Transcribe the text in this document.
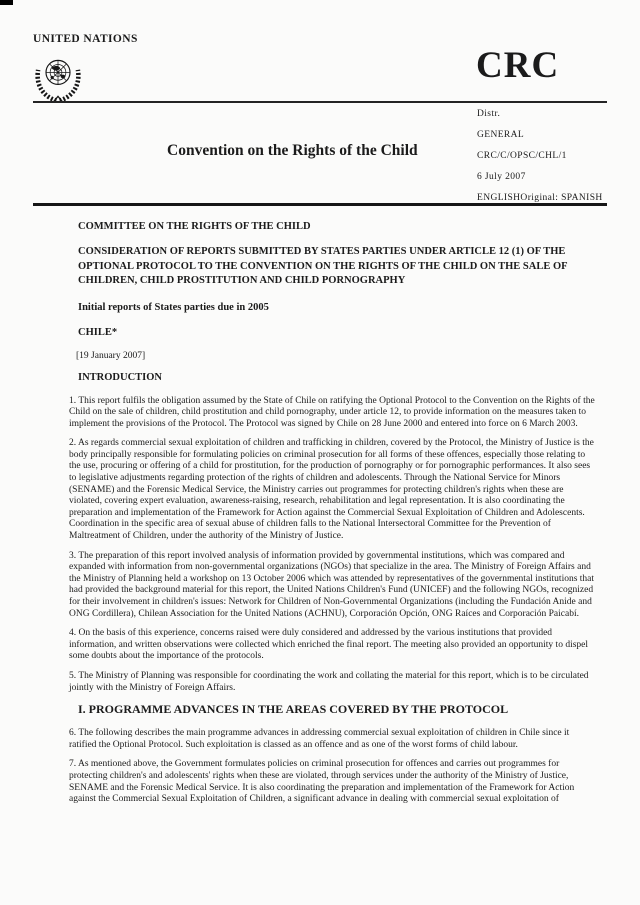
UNITED NATIONS
CRC
Distr.
GENERAL
CRC/C/OPSC/CHL/1
6 July 2007
ENGLISHOriginal: SPANISH
Convention on the Rights of the Child
COMMITTEE ON THE RIGHTS OF THE CHILD
CONSIDERATION OF REPORTS SUBMITTED BY STATES PARTIES UNDER ARTICLE 12 (1) OF THE OPTIONAL PROTOCOL TO THE CONVENTION ON THE RIGHTS OF THE CHILD ON THE SALE OF CHILDREN, CHILD PROSTITUTION AND CHILD PORNOGRAPHY
Initial reports of States parties due in 2005
CHILE*
[19 January 2007]
INTRODUCTION

1. This report fulfils the obligation assumed by the State of Chile on ratifying the Optional Protocol to the Convention on the Rights of the Child on the sale of children, child prostitution and child pornography, under article 12, to provide information on the measures taken to implement the provisions of the Protocol. The Protocol was signed by Chile on 28 June 2000 and entered into force on 6 March 2003.

2. As regards commercial sexual exploitation of children and trafficking in children, covered by the Protocol, the Ministry of Justice is the body principally responsible for formulating policies on criminal prosecution for all forms of these offences, especially those relating to the use, procuring or offering of a child for prostitution, for the production of pornography or for pornographic performances. It also sees to legislative adjustments regarding protection of the rights of children and adolescents. Through the National Service for Minors (SENAME) and the Forensic Medical Service, the Ministry carries out programmes for protecting children's rights when these are violated, covering expert evaluation, awareness-raising, research, rehabilitation and legal representation. It is also coordinating the preparation and implementation of the Framework for Action against the Commercial Sexual Exploitation of Children and Adolescents. Coordination in the specific area of sexual abuse of children falls to the National Intersectoral Committee for the Prevention of Maltreatment of Children, under the authority of the Ministry of Justice.

3. The preparation of this report involved analysis of information provided by governmental institutions, which was compared and expanded with information from non-governmental organizations (NGOs) that specialize in the area. The Ministry of Foreign Affairs and the Ministry of Planning held a workshop on 13 October 2006 which was attended by representatives of the governmental institutions that had provided the background material for this report, the United Nations Children's Fund (UNICEF) and the following NGOs, recognized for their involvement in children's issues: Network for Children of Non-Governmental Organizations (including the Fundación Anide and ONG Cordillera), Chilean Association for the United Nations (ACHNU), Corporación Opción, ONG Raíces and Corporación Paicabí.

4. On the basis of this experience, concerns raised were duly considered and addressed by the various institutions that provided information, and written observations were collected which enriched the final report. The meeting also provided an opportunity to dispel some doubts about the importance of the protocols.

5. The Ministry of Planning was responsible for coordinating the work and collating the material for this report, which is to be circulated jointly with the Ministry of Foreign Affairs.

I. PROGRAMME ADVANCES IN THE AREAS COVERED BY THE PROTOCOL

6. The following describes the main programme advances in addressing commercial sexual exploitation of children in Chile since it ratified the Optional Protocol. Such exploitation is classed as an offence and as one of the worst forms of child labour.

7. As mentioned above, the Government formulates policies on criminal prosecution for offences and carries out programmes for protecting children's and adolescents' rights when these are violated, through services under the authority of the Ministry of Justice, SENAME and the Forensic Medical Service. It is also coordinating the preparation and implementation of the Framework for Action against the Commercial Sexual Exploitation of Children, a significant advance in dealing with commercial sexual exploitation of
